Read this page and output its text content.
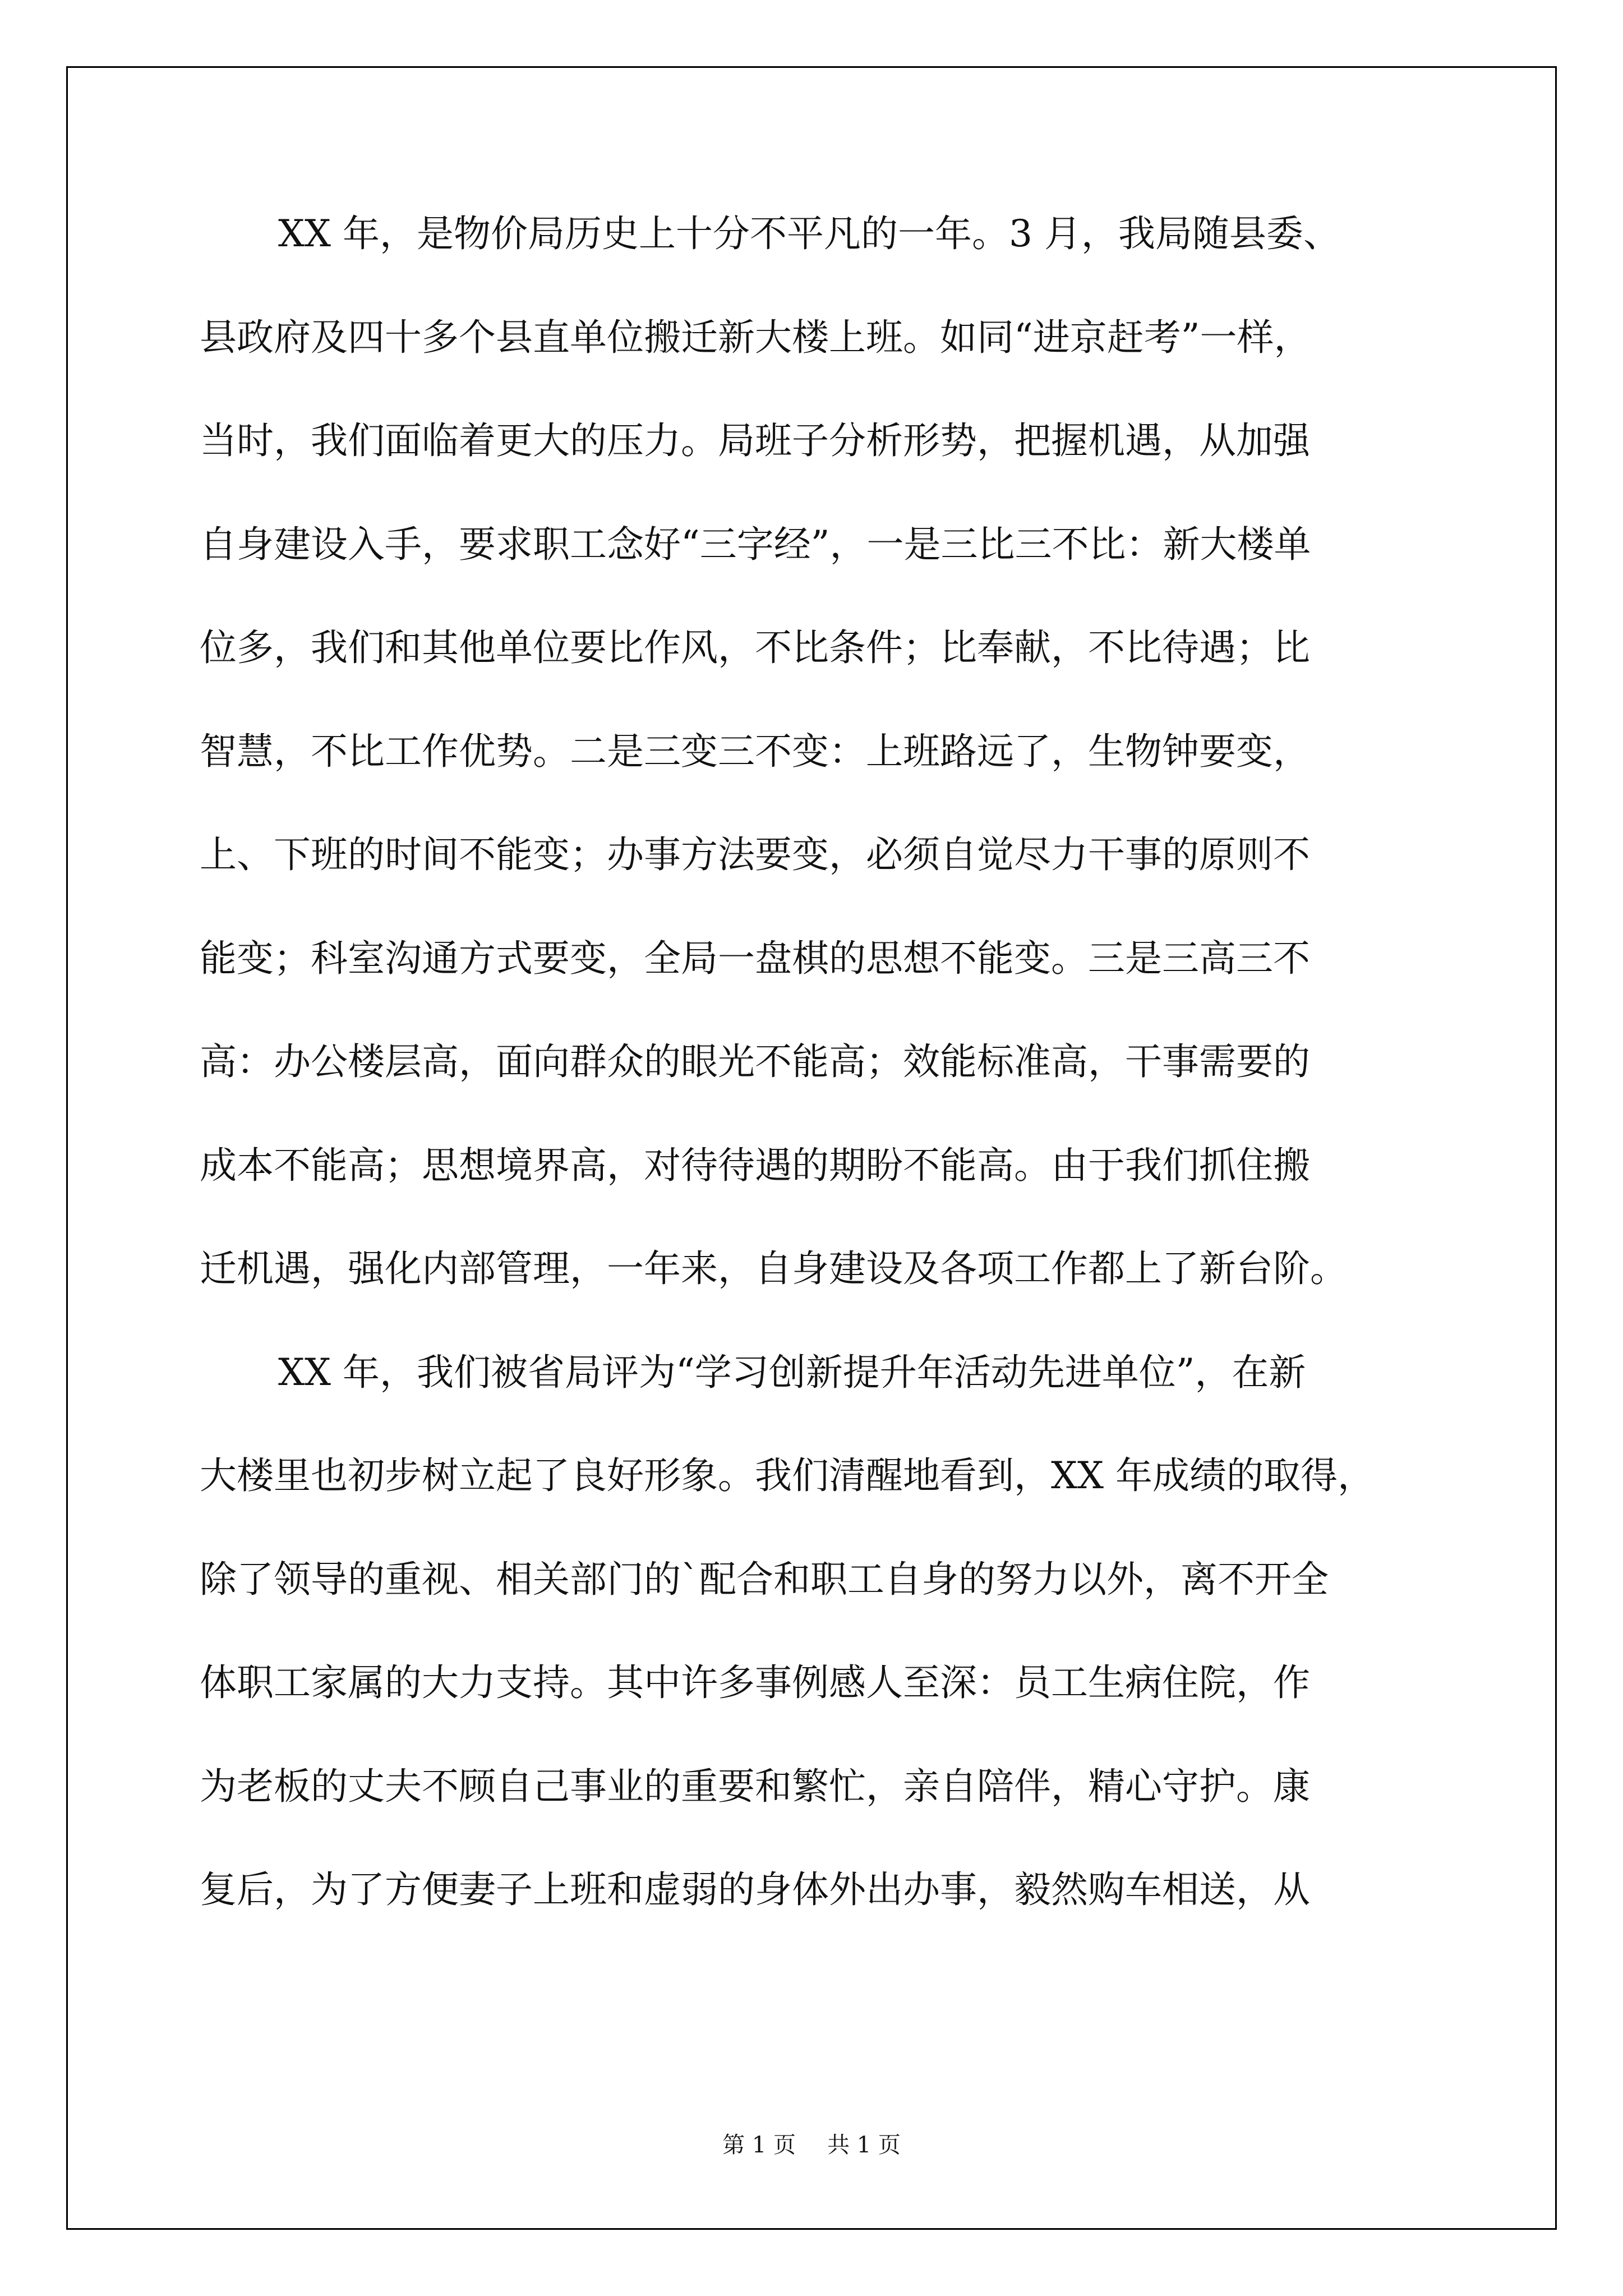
XX 年，是物价局历史上十分不平凡的一年。3 月，我局随县委、
县政府及四十多个县直单位搬迁新大楼上班。如同“进京赶考”一样，
当时，我们面临着更大的压力。局班子分析形势，把握机遇，从加强
自身建设入手，要求职工念好“三字经”，一是三比三不比：新大楼单
位多，我们和其他单位要比作风，不比条件；比奉献，不比待遇；比
智慧，不比工作优势。二是三变三不变：上班路远了，生物钟要变，
上、下班的时间不能变；办事方法要变，必须自觉尽力干事的原则不
能变；科室沟通方式要变，全局一盘棋的思想不能变。三是三高三不
高：办公楼层高，面向群众的眼光不能高；效能标准高，干事需要的
成本不能高；思想境界高，对待待遇的期盼不能高。由于我们抓住搬
迁机遇，强化内部管理，一年来，自身建设及各项工作都上了新台阶。
XX 年，我们被省局评为“学习创新提升年活动先进单位”，在新
大楼里也初步树立起了良好形象。我们清醒地看到，XX 年成绩的取得，
除了领导的重视、相关部门的`配合和职工自身的努力以外，离不开全
体职工家属的大力支持。其中许多事例感人至深：员工生病住院，作
为老板的丈夫不顾自己事业的重要和繁忙，亲自陪伴，精心守护。康
复后，为了方便妻子上班和虚弱的身体外出办事，毅然购车相送，从
第 1 页 共 1 页
